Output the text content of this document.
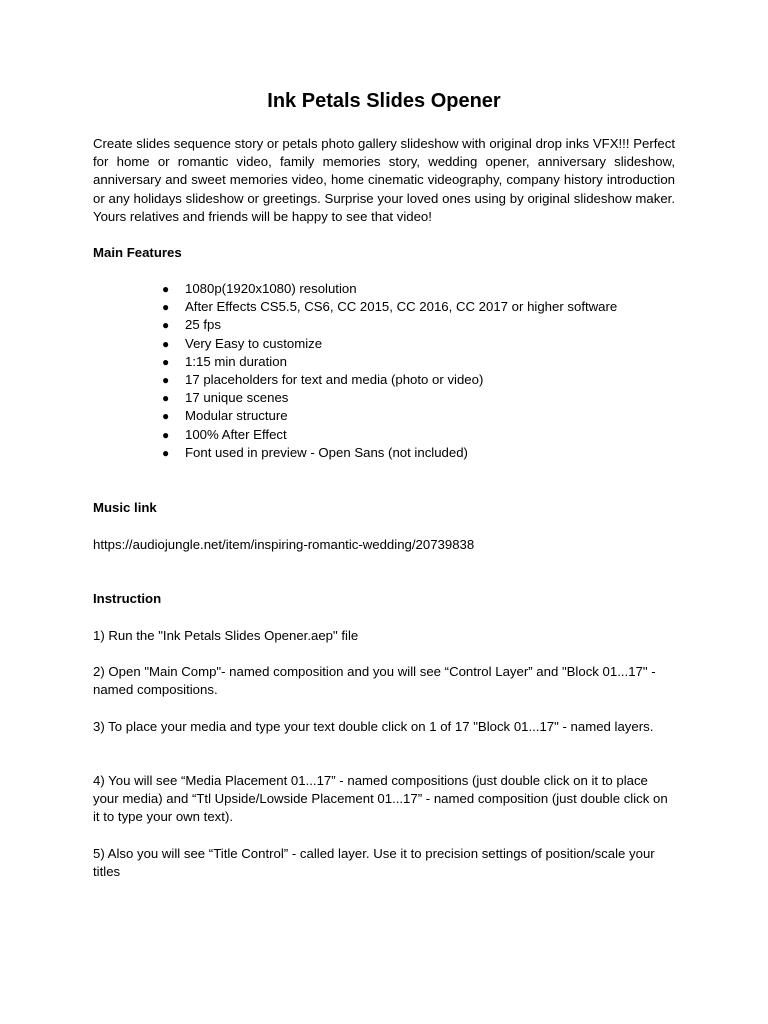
Ink Petals Slides Opener

Create slides sequence story or petals photo gallery slideshow with original drop inks VFX!!! Perfect for home or romantic video, family memories story, wedding opener, anniversary slideshow, anniversary and sweet memories video, home cinematic videography, company history introduction or any holidays slideshow or greetings. Surprise your loved ones using by original slideshow maker. Yours relatives and friends will be happy to see that video!

Main Features

● 1080p(1920x1080) resolution
● After Effects CS5.5, CS6, CC 2015, CC 2016, CC 2017 or higher software
● 25 fps
● Very Easy to customize
● 1:15 min duration
● 17 placeholders for text and media (photo or video)
● 17 unique scenes
● Modular structure
● 100% After Effect
● Font used in preview - Open Sans (not included)

Music link

https://audiojungle.net/item/inspiring-romantic-wedding/20739838

Instruction

1) Run the "Ink Petals Slides Opener.aep" file

2) Open "Main Comp"- named composition and you will see “Control Layer” and "Block 01...17" - named compositions.

3) To place your media and type your text double click on 1 of 17 "Block 01...17" - named layers.

4) You will see “Media Placement 01...17” - named compositions (just double click on it to place your media) and “Ttl Upside/Lowside Placement 01...17” - named composition (just double click on it to type your own text).

5) Also you will see “Title Control” - called layer. Use it to precision settings of position/scale your titles
